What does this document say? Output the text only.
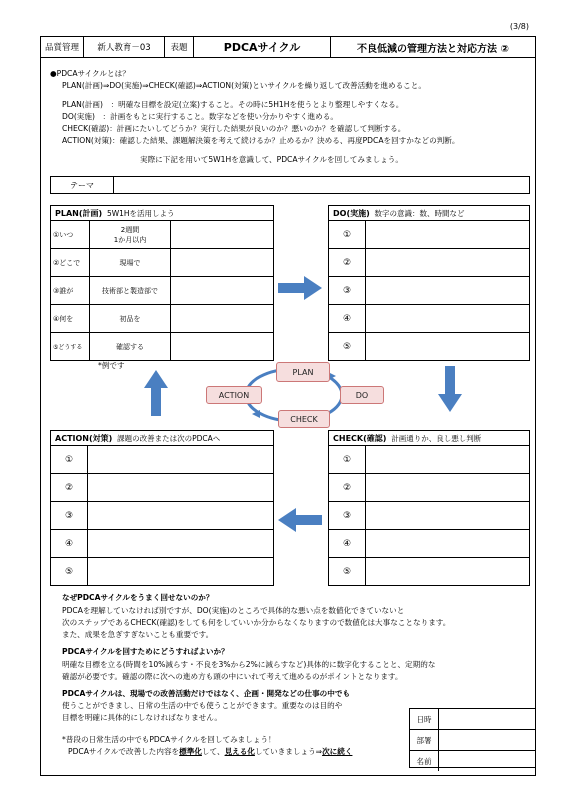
(3/8)
品質管理	新人教育－03	表題	PDCAサイクル	不良低減の管理方法と対応方法 ②
●PDCAサイクルとは？
PLAN(計画)⇒DO(実施)⇒CHECK(確認)⇒ACTION(対策)といサイクルを繰り返して改善活動を進めること。
PLAN(計画)　：明確な目標を設定(立案)すること。その時に5H1Hを使うとより整理しやすくなる。
DO(実施)　：計画をもとに実行すること。数字などを使い分かりやすく進める。
CHECK(確認)：計画にたいしてどうか？実行した結果が良いのか？悪いのか？を確認して判断する。
ACTION(対策)：確認した結果、課題解決策を考えて続けるか？止めるか？決める、再度PDCAを回すかなどの判断。
実際に下記を用いて5W1Hを意識して、PDCAサイクルを回してみましょう。
テーマ
PLAN(計画) 5W1Hを活用しよう		
①いつ	2週間
1か月以内	

②どこで	現場で	
③誰が	技術部と製造部で	
④何を	初品を	
⑤どうする	確認する	
*例です
DO(実施) 数字の意識：数、時間など	
①	
②	
③	
④	
⑤	
ACTION(対策) 課題の改善または次のPDCAへ	
①	
②	
③	
④	
⑤	
CHECK(確認) 計画通りか、良し悪し判断	
①	
②	
③	
④	
⑤	
PLAN
DO
CHECK
ACTION
なぜPDCAサイクルをうまく回せないのか？
PDCAを理解していなければ別ですが、DO(実施)のところで具体的な悪い点を数値化できていないと
次のステップであるCHECK(確認)をしても何をしていいか分からなくなりますので数値化は大事なことなります。
また、成果を急ぎすぎないことも重要です。
PDCAサイクルを回すためにどうすればよいか？
明確な目標を立る(時間を10%減らす・不良を3%から2%に減らすなど)具体的に数字化することと、定期的な
確認が必要です。確認の際に次への進め方も頭の中にいれて考えて進めるのがポイントとなります。
PDCAサイクルは、現場での改善活動だけではなく、企画・開発などの仕事の中でも
使うことができまし、日常の生活の中でも使うことができます。重要なのは目的や
目標を明確に具体的にしなければなりません。
*普段の日常生活の中でもPDCAサイクルを回してみましょう！
PDCAサイクルで改善した内容を標準化して、見える化していきましょう⇒次に続く
日時
部署
名前
